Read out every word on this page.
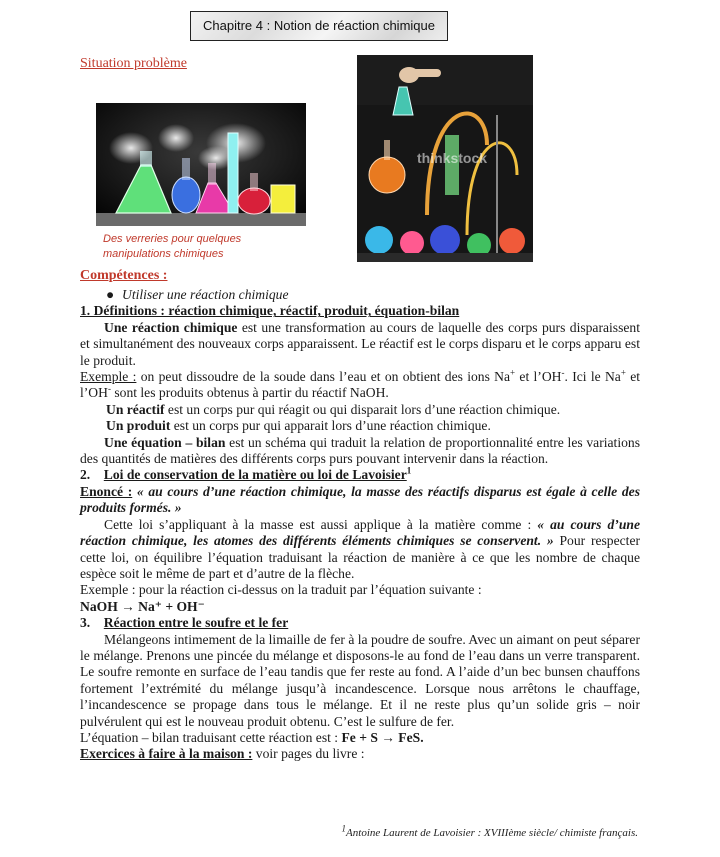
Chapitre 4 : Notion de réaction chimique
Situation problème
thinkstock
Des verreries pour quelques
manipulations chimiques
Compétences :
● Utiliser une réaction chimique
1. Définitions : réaction chimique, réactif, produit, équation-bilan
Une réaction chimique est une transformation au cours de laquelle des corps purs disparaissent et simultanément des nouveaux corps apparaissent. Le réactif est le corps disparu et le corps apparu est le produit.
Exemple : on peut dissoudre de la soude dans l’eau et on obtient des ions Na+ et l’OH-. Ici le Na+ et l’OH- sont les produits obtenus à partir du réactif NaOH.
Un réactif est un corps pur qui réagit ou qui disparait lors d’une réaction chimique.
Un produit est un corps pur qui apparait lors d’une réaction chimique.
Une équation – bilan est un schéma qui traduit la relation de proportionnalité entre les variations des quantités de matières des différents corps purs pouvant intervenir dans la réaction.
2. Loi de conservation de la matière ou loi de Lavoisier$^1$
Enoncé : « au cours d’une réaction chimique, la masse des réactifs disparus est égale à celle des produits formés. »
Cette loi s’appliquant à la masse est aussi applique à la matière comme : « au cours d’une réaction chimique, les atomes des différents éléments chimiques se conservent. » Pour respecter cette loi, on équilibre l’équation traduisant la réaction de manière à ce que les nombre de chaque espèce soit le même de part et d’autre de la flèche.
Exemple : pour la réaction ci-dessus on la traduit par l’équation suivante :
NaOH → Na⁺ + OH⁻
3. Réaction entre le soufre et le fer
Mélangeons intimement de la limaille de fer à la poudre de soufre. Avec un aimant on peut séparer le mélange. Prenons une pincée du mélange et disposons-le au fond de l’eau dans un verre transparent. Le soufre remonte en surface de l’eau tandis que fer reste au fond. A l’aide d’un bec bunsen chauffons fortement l’extrémité du mélange jusqu’à incandescence. Lorsque nous arrêtons le chauffage, l’incandescence se propage dans tous le mélange. Et il ne reste plus qu’un solide gris – noir pulvérulent qui est le nouveau produit obtenu. C’est le sulfure de fer.
L’équation – bilan traduisant cette réaction est : Fe + S → FeS.
Exercices à faire à la maison : voir pages du livre :
$^1$Antoine Laurent de Lavoisier : XVIIIème siècle/ chimiste français.
